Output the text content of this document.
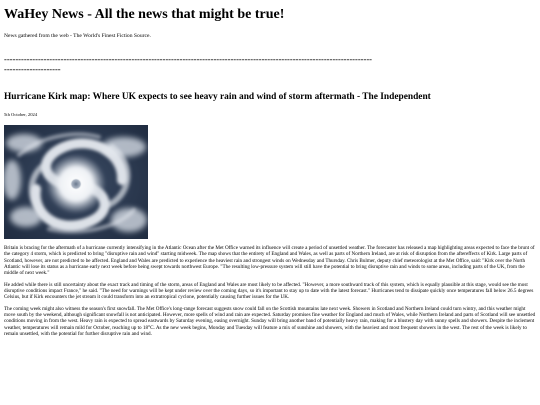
WaHey News - All the news that might be true!
News gathered from the web - The World's Finest Fiction Source.
----------------------------------------------------------------------------------------------------------------------------------
--------------------
Hurricane Kirk map: Where UK expects to see heavy rain and wind of storm aftermath - The Independent
5th October, 2024

Britain is bracing for the aftermath of a hurricane currently intensifying in the Atlantic Ocean after the Met Office warned its influence will create a period of unsettled weather. The forecaster has released a map highlighting areas expected to face the brunt of the category 4 storm, which is predicted to bring "disruptive rain and wind" starting midweek. The map shows that the entirety of England and Wales, as well as parts of Northern Ireland, are at risk of disruption from the aftereffects of Kirk. Large parts of Scotland, however, are not predicted to be affected. England and Wales are predicted to experience the heaviest rain and strongest winds on Wednesday and Thursday. Chris Bulmer, deputy chief meteorologist at the Met Office, said: "Kirk over the North Atlantic will lose its status as a hurricane early next week before being swept towards northwest Europe. "The resulting low-pressure system will still have the potential to bring disruptive rain and winds to some areas, including parts of the UK, from the middle of next week."

He added while there is still uncertainty about the exact track and timing of the storm, areas of England and Wales are most likely to be affected. "However, a more southward track of this system, which is equally plausible at this stage, would see the most disruptive conditions impact France," he said. "The need for warnings will be kept under review over the coming days, so it's important to stay up to date with the latest forecast." Hurricanes tend to dissipate quickly once temperatures fall below 26.5 degrees Celsius, but if Kirk encounters the jet stream it could transform into an extratropical cyclone, potentially causing further issues for the UK.

The coming week might also witness the season's first snowfall. The Met Office's long-range forecast suggests snow could fall on the Scottish mountains late next week. Showers in Scotland and Northern Ireland could turn wintry, and this weather might move south by the weekend, although significant snowfall is not anticipated. However, more spells of wind and rain are expected. Saturday promises fine weather for England and much of Wales, while Northern Ireland and parts of Scotland will see unsettled conditions moving in from the west. Heavy rain is expected to spread eastwards by Saturday evening, easing overnight. Sunday will bring another band of potentially heavy rain, making for a blustery day with sunny spells and showers. Despite the inclement weather, temperatures will remain mild for October, reaching up to 18°C. As the new week begins, Monday and Tuesday will feature a mix of sunshine and showers, with the heaviest and most frequent showers in the west. The rest of the week is likely to remain unsettled, with the potential for further disruptive rain and wind.
